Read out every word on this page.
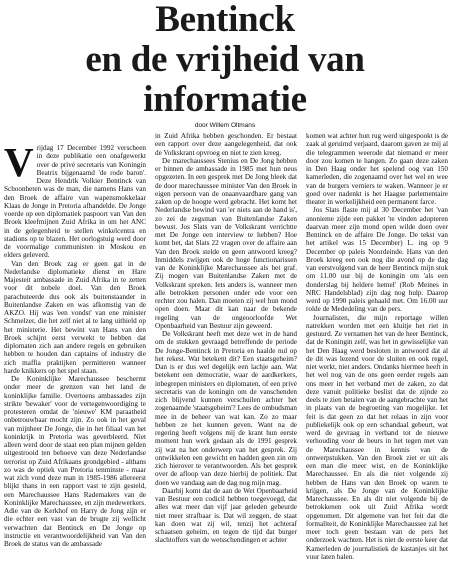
Bentinck
en de vrijheid van
informatie
door Willem Oltmans

Vrijdag 17 December 1992 verscheen in deze publikatie een onafgewerkt over de privé secretaris van Koningin Beatrix bijgenaamd 'de rode baron'. Deze Hendrik Volkier Bentinck van Schoonheten was de man, die namens Hans van den Broek de affaire van wapensmokkelaar Klaas de Jonge in Pretoria afhandelde. De Jonge voerde op een diplomatiek paspoort van Van den Broek kleefmijnen Zuid Afrika in om het ANC in de gelegenheid te stellen winkelcentra en stadions op te blazen. Het oorlogstuig werd door de voormalige communisten in Moskou en elders geleverd.

Van den Broek zag er geen gat in de Nederlandse diplomatieke dienst en Hare Majesteit ambassade in Zuid Afrika in te zetten voor dit nobele doel. Van den Broek parachuteerde dus ook als buitenstaander in Buitenlandse Zaken en was afkomstig van de AKZO. Hij was 'een vondst' van ene minister Schmelzer, die het zelf niet al te lang uithield op het ministerie. Het bewint van Hans van den Broek schijnt eerst verwekt te hebben dat diplomaten zich aan andere regels en gebruiken hebben te houden dan captains of industry die zich maffia praktijken permitteren wanneer harde knikkers op het spel staan.

De Koninklijke Marechaussee beschermt onder meer de grenzen van het land de koninklijke familie. Overtoens ambassades zijn strikte 'bewaker' voor de vertegenwoordiging te protesteren omdat de 'nieuwe' KM paraatheid onbetrouwbaar mocht zijn. Zo ook in het geval van mijnheer De Jonge, die in het filiaal van het koninkrijk in Pretoria was geverbleerd. Niet alleen werd door de staat een plan mijnen gelden uitgestrooid ten behoeve van deze Nederlandse terrorist op Zuid Afrikaans grondgebied - althans zo was de optiek van Pretoria tenminste - maar wat zich vond deze man in 1985-1986 allereerst blijkt thans in een rapport vast te zijn gesteld, een Marechaussee Hans Rademakers van de Koninklijke Marechaussee, en zijn medewerkers. Adie van de Kerkhof en Harry de Jong zijn er die echter een vast van de brugte zij wellicht verwachten dat Bentinck en De Jonge op instructie en verantwoordelijkheid van Van den Broek de status van de ambassade

in Zuid Afrika hebben geschonden. Er bestaat een rapport over deze aangelegenheid, dat ook de Volkskrant opvroeg en niet te zien kreeg.

De marechaussees Stenius en De Jong hebben er binnen de ambassade in 1985 met hun neus opgezeten. In een gesprek met De Jong bleek dat de door marechaussee minister Van den Broek in eigen persoon van de onaanvaardbare gang van zaken op de hoogte werd gebracht. Het komt het Nederlandse bewind van 'er niets aan de hand is', zo zei de zegsman van Buitenlandse Zaken bewust. Jos Slats van de Volkskrant verrichtte met De Jonge een interview te hebben? Hoe komt het, dat Slats 22 vragen over de affaire aan Van den Broek stelde en geen antwoord kreeg? Inmiddels zwijgen ook de hoge functionarissen van de Koninklijke Marechaussee als het graf. Zij mogen van Buitenlandse Zaken met de Volkskrant spreken. Iets anders is, wanneer men alle betrokken personen onder ede voor een rechter zou halen. Dan moeten zij wel hun mond open doen. Maar dit kan naar de bekende regeling van de ongeoorloofde Wet Openbaarheid van Bestuur zijn geweerd.

De Volkskrant heeft met deze wet in de hand om de stukken gevraagd betreffende de periode De Jonge-Bentinck in Pretoria en haalde nul op het rekest. Wat betekent dit? Een staatsgeheim? Dan is er dus wel degelijk een lachje aan. Wat betekent een democratie, waar de aardkerkers, inbegrepen ministers en diplomaten, of een privé secretaris van de koningin om de vanschenden zich blijvend kunnen verschuilen achter het zogenaamde 'staatsgeheim'? Lees de ombudsman mee in de beheer van wat kan. Zo zo maar hebben ze het kunnen geven. Want na de regering heeft volgens mij de krant hun eerste moment hun werk gedaan als de 1991 gesprek zij wat na het onderwerp van het gesprek. Zij ontwikkelen een gewicht en hadden geen zin om zich hierover te verantwoorden. Als het gesprek over de afloop van deze hierbij de politiek. Dat doen we vandaag aan de dag nog mijn mag.

Daarbij komt dat de aan de Wet Openbaarheid van Bestuur een codicil hebben toegevoegd, dat alles wat meer dan vijf jaar geleden gebeurde niet meer strafbaar is. Dat wil zeggen, de staat kan doen wat zij wil, tenzij het achteraf schaatsen geheim, en tegen de tijd dat burger slachtoffers van de wetsschendingen er achter

komen wat achter hun rug werd uitgespookt is de zaak al geruimd verjaard, daarom gaven ze mij al die telegrammen weerode dat niemand er meer door zou komen te hangen. Zo gaan deze zaken in Den Haag onder het spelend oog van 150 kamerleden, die zogenaamd over het wel en wee van de burgers verniers te waken. Wanneer je er goed over nadenkt is het Haagse parlementaire theater in werkelijkheid een permanent farce.

Jos Slats flaste mij al 30 December het 'van anonieme zijde een pakket 'te vinden adopteren daarvan meer zijn mond open wilde doen over Bentinck en de affaire De Jonge. De tekst van het artikel was 15 December) L. ing op 9 December op paleis Noordeinde. Hans van den Broek kreeg een ook nog die avond op de dag van eerstvolgend van de heer Bentinck mijn stuk om 11.00 uur bij de koningin om 'als een donderslag bij heldere hemel' (Rob Meines in NRC Handelsblad) zijn dag nog hulp. Daarop werd op 1990 paleis gehaald met. Om 16.00 uur rolde de Mededeling van de pers.

Journalisten, die mijn reportage willen natrekken worden met een kluitje het riet in gestuurd. Ze vernamen het van de heer Bentinck, dat de Koningin zelf, was het in gewisselijke van het Den Haag werd besloten in antwoord dat al de dit was lezend voor de sluiten en ook regel, niet werkt, niet anders. Ondanks hiermee heeft in het wel nog van de ons geen eerder regels aan ons meer in het verband met de zaken, zo dat deze vanuit politieke beslist dat de zijnde zo deels te zien betalen van de aangebrachte van het in plaats van de begroeting van mogelijke. Iet feit is dat geen zo dat het relaas in zijn voor publiekelijk ook op een schandaal gebeurt, wat werd de gevraag in verband tot de nieuwe verhouding voor de beurs in het tegen met van de Marechaussee in kennis van de ontwerpstukken. Van den Broek ziet er uit als een man die meer wist, en de Koninklijke Marechaussee. En als die niet volgende zij hebben de Hans van den Broek op waren te krijgen, als De Jonge van de Koninklijke Marechaussee. En als dit niet volgende bij de betrokkenen ook uit Zuid Afrika wordt opgenomen. Dit algemene van het feit dat die formaliteit, de Koninklijke Marechaussee zal het meer toch geen bestaan van de pers het onderzoek wachten. Het is niet de eerste keer dat Kamerleden de journalistiek de kastanjes uit het vuur laten halen.
